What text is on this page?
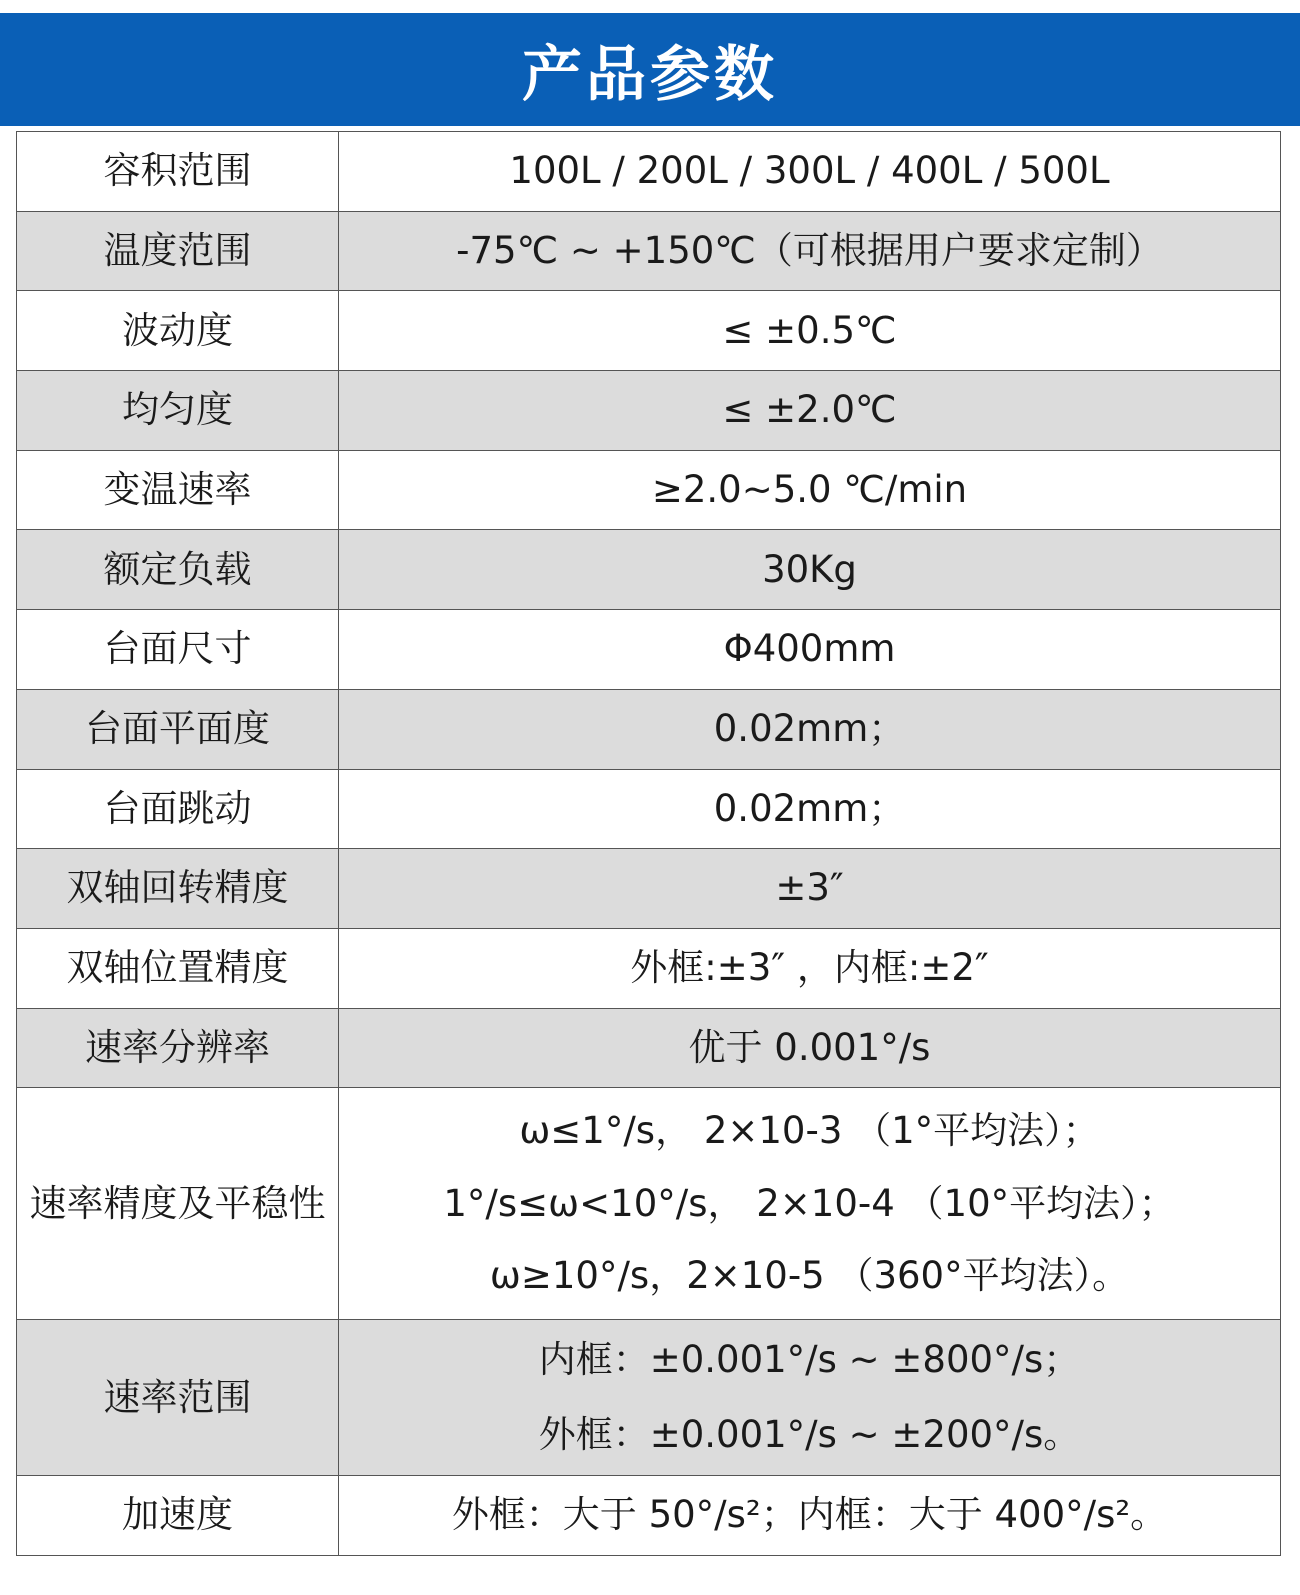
产品参数
容积范围	100L / 200L / 300L / 400L / 500L

温度范围	-75℃ ~ +150℃（可根据用户要求定制）

波动度	≤ ±0.5℃

均匀度	≤ ±2.0℃

变温速率	≥2.0~5.0 ℃/min

额定负载	30Kg

台面尺寸	Φ400mm

台面平面度	0.02mm；

台面跳动	0.02mm；

双轴回转精度	±3″

双轴位置精度	外框:±3″ ，内框:±2″

速率分辨率	优于 0.001°/s

速率精度及平稳性	ω≤1°/s， 2×10-3 （1°平均法）；
1°/s≤ω<10°/s， 2×10-4 （10°平均法）；
ω≥10°/s，2×10-5 （360°平均法）。

速率范围	内框：±0.001°/s ~ ±800°/s；
外框：±0.001°/s ~ ±200°/s。

加速度	外框：大于 50°/s²；内框：大于 400°/s²。
